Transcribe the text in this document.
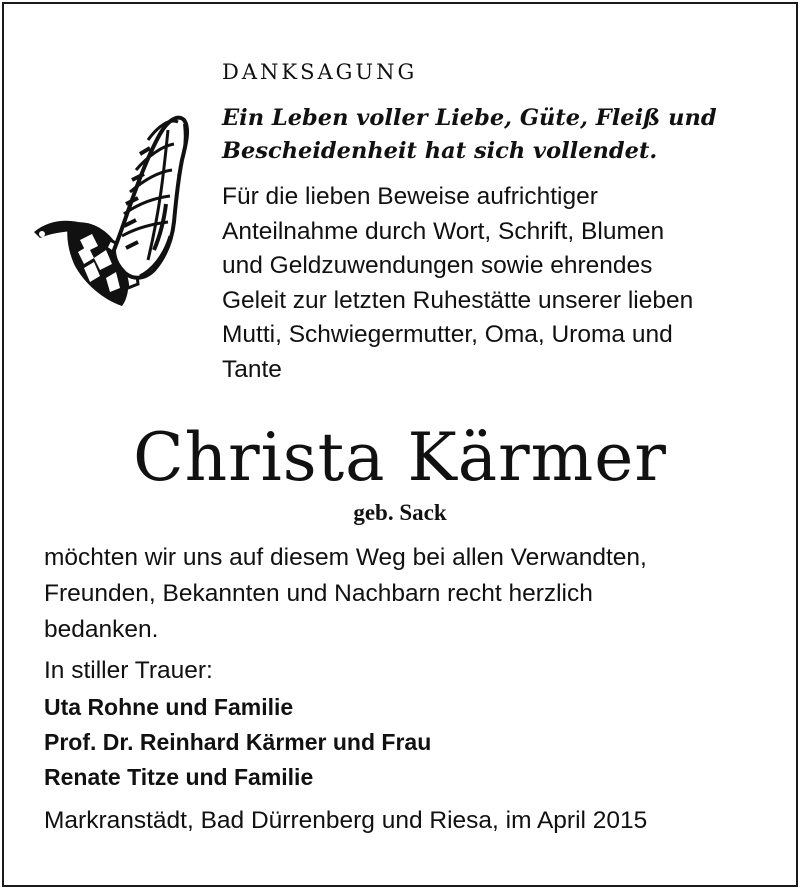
DANKSAGUNG
Ein Leben voller Liebe, Güte, Fleiß und
Bescheidenheit hat sich vollendet.
Für die lieben Beweise aufrichtiger
Anteilnahme durch Wort, Schrift, Blumen
und Geldzuwendungen sowie ehrendes
Geleit zur letzten Ruhestätte unserer lieben
Mutti, Schwiegermutter, Oma, Uroma und
Tante
Christa Kärmer
geb. Sack
möchten wir uns auf diesem Weg bei allen Verwandten,
Freunden, Bekannten und Nachbarn recht herzlich
bedanken.
In stiller Trauer:
Uta Rohne und Familie
Prof. Dr. Reinhard Kärmer und Frau
Renate Titze und Familie
Markranstädt, Bad Dürrenberg und Riesa, im April 2015
